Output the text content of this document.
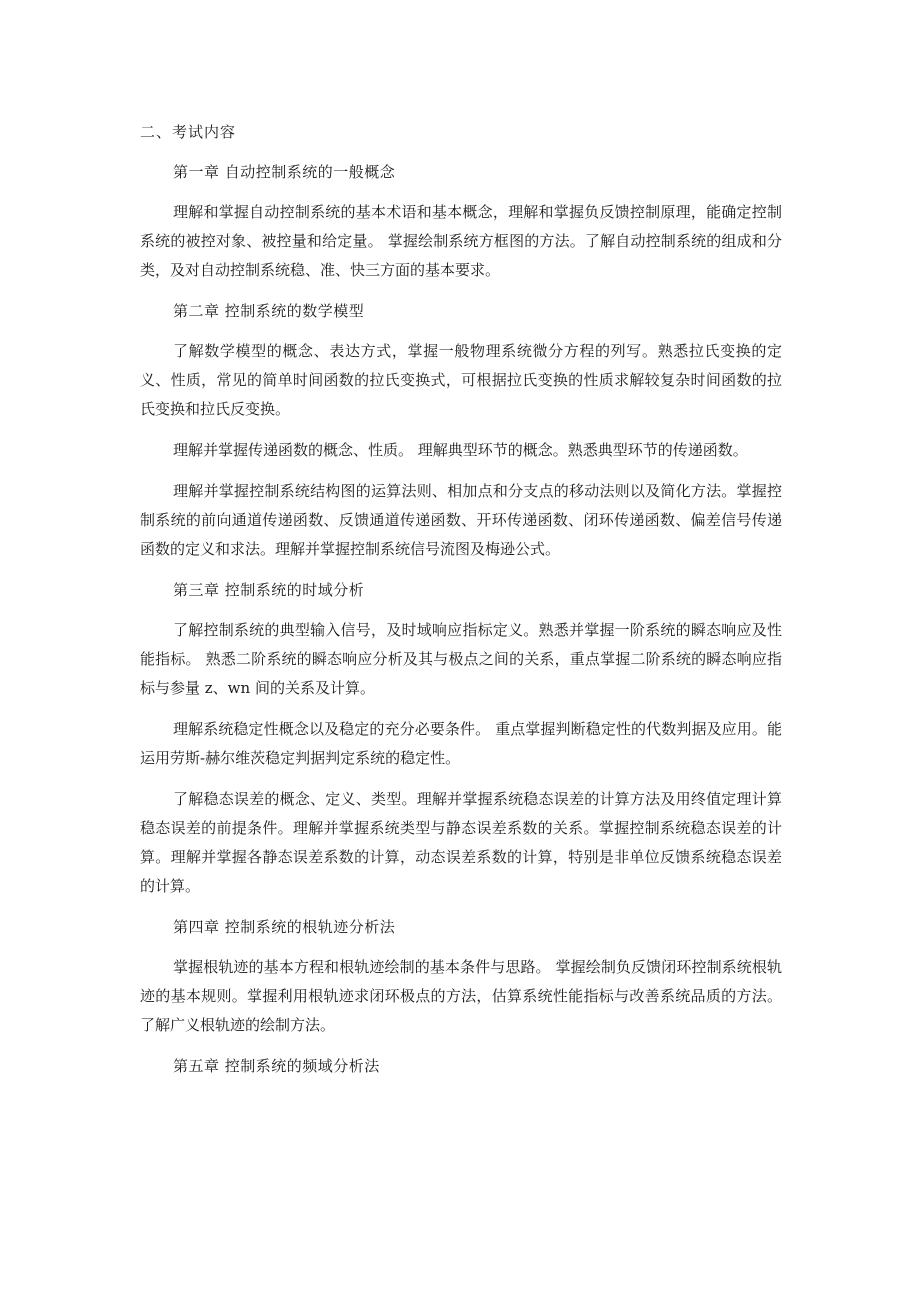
二、考试内容
第一章 自动控制系统的一般概念

理解和掌握自动控制系统的基本术语和基本概念，理解和掌握负反馈控制原理，能确定控制系统的被控对象、被控量和给定量。 掌握绘制系统方框图的方法。了解自动控制系统的组成和分类，及对自动控制系统稳、准、快三方面的基本要求。

第二章 控制系统的数学模型

了解数学模型的概念、表达方式，掌握一般物理系统微分方程的列写。熟悉拉氏变换的定义、性质，常见的简单时间函数的拉氏变换式，可根据拉氏变换的性质求解较复杂时间函数的拉氏变换和拉氏反变换。

理解并掌握传递函数的概念、性质。 理解典型环节的概念。熟悉典型环节的传递函数。

理解并掌握控制系统结构图的运算法则、相加点和分支点的移动法则以及简化方法。掌握控制系统的前向通道传递函数、反馈通道传递函数、开环传递函数、闭环传递函数、偏差信号传递函数的定义和求法。理解并掌握控制系统信号流图及梅逊公式。

第三章 控制系统的时域分析

了解控制系统的典型输入信号，及时域响应指标定义。熟悉并掌握一阶系统的瞬态响应及性能指标。 熟悉二阶系统的瞬态响应分析及其与极点之间的关系，重点掌握二阶系统的瞬态响应指标与参量 z、wn 间的关系及计算。

理解系统稳定性概念以及稳定的充分必要条件。 重点掌握判断稳定性的代数判据及应用。能运用劳斯-赫尔维茨稳定判据判定系统的稳定性。

了解稳态误差的概念、定义、类型。理解并掌握系统稳态误差的计算方法及用终值定理计算稳态误差的前提条件。理解并掌握系统类型与静态误差系数的关系。掌握控制系统稳态误差的计算。理解并掌握各静态误差系数的计算，动态误差系数的计算，特别是非单位反馈系统稳态误差的计算。

第四章 控制系统的根轨迹分析法

掌握根轨迹的基本方程和根轨迹绘制的基本条件与思路。 掌握绘制负反馈闭环控制系统根轨迹的基本规则。掌握利用根轨迹求闭环极点的方法，估算系统性能指标与改善系统品质的方法。了解广义根轨迹的绘制方法。

第五章 控制系统的频域分析法
